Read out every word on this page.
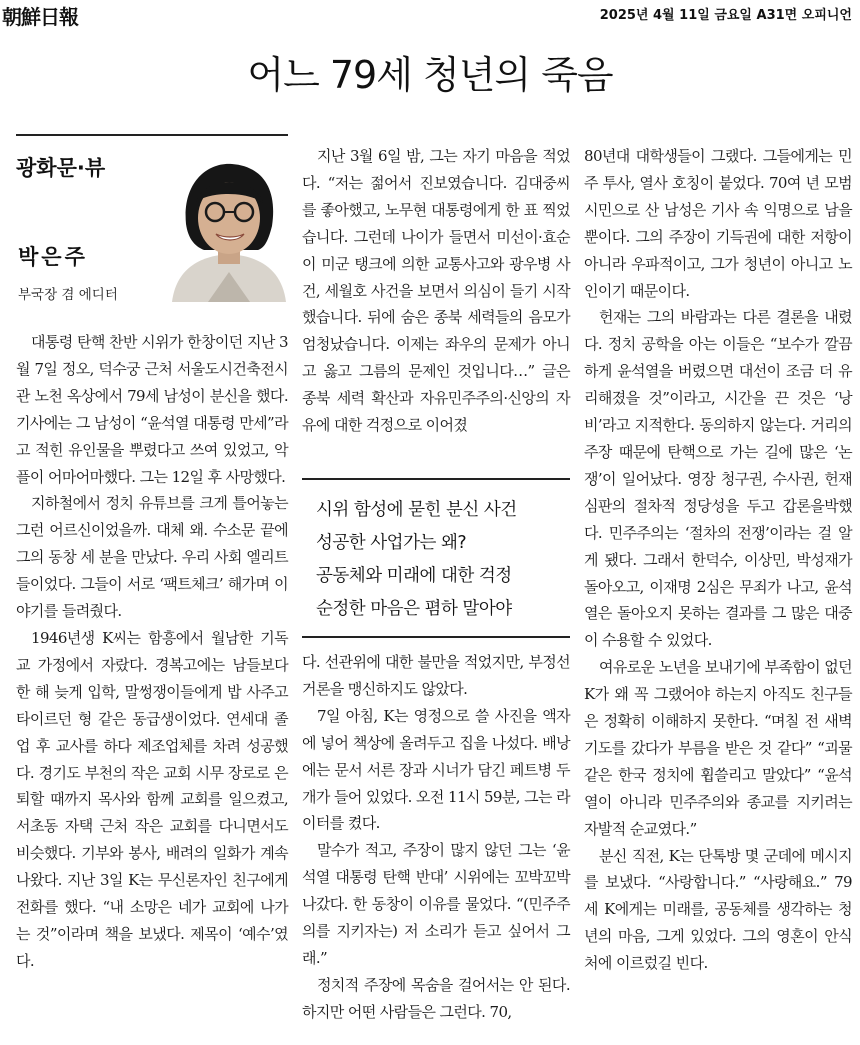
朝鮮日報	2025년 4월 11일 금요일 A31면 오피니언
어느 79세 청년의 죽음
광화문·뷰
박은주
부국장 겸 에디터

대통령 탄핵 찬반 시위가 한창이던 지난 3월 7일 정오, 덕수궁 근처 서울도시건축전시관 노천 옥상에서 79세 남성이 분신을 했다. 기사에는 그 남성이 “윤석열 대통령 만세”라고 적힌 유인물을 뿌렸다고 쓰여 있었고, 악플이 어마어마했다. 그는 12일 후 사망했다.

지하철에서 정치 유튜브를 크게 틀어놓는 그런 어르신이었을까. 대체 왜. 수소문 끝에 그의 동창 세 분을 만났다. 우리 사회 엘리트들이었다. 그들이 서로 ‘팩트체크’ 해가며 이야기를 들려줬다.

1946년생 K씨는 함흥에서 월남한 기독교 가정에서 자랐다. 경복고에는 남들보다 한 해 늦게 입학, 말썽쟁이들에게 밥 사주고 타이르던 형 같은 동급생이었다. 연세대 졸업 후 교사를 하다 제조업체를 차려 성공했다. 경기도 부천의 작은 교회 시무 장로로 은퇴할 때까지 목사와 함께 교회를 일으켰고, 서초동 자택 근처 작은 교회를 다니면서도 비슷했다. 기부와 봉사, 배려의 일화가 계속 나왔다. 지난 3일 K는 무신론자인 친구에게 전화를 했다. “내 소망은 네가 교회에 나가는 것”이라며 책을 보냈다. 제목이 ‘예수’였다.

지난 3월 6일 밤, 그는 자기 마음을 적었다. “저는 젊어서 진보였습니다. 김대중씨를 좋아했고, 노무현 대통령에게 한 표 찍었습니다. 그런데 나이가 들면서 미선이·효순이 미군 탱크에 의한 교통사고와 광우병 사건, 세월호 사건을 보면서 의심이 들기 시작했습니다. 뒤에 숨은 종북 세력들의 음모가 엄청났습니다. 이제는 좌우의 문제가 아니고 옳고 그름의 문제인 것입니다…” 글은 종북 세력 확산과 자유민주주의·신앙의 자유에 대한 걱정으로 이어졌

시위 함성에 묻힌 분신 사건
성공한 사업가는 왜?
공동체와 미래에 대한 걱정
순정한 마음은 폄하 말아야

다. 선관위에 대한 불만을 적었지만, 부정선거론을 맹신하지도 않았다.

7일 아침, K는 영정으로 쓸 사진을 액자에 넣어 책상에 올려두고 집을 나섰다. 배낭에는 문서 서른 장과 시너가 담긴 페트병 두 개가 들어 있었다. 오전 11시 59분, 그는 라이터를 켰다.

말수가 적고, 주장이 많지 않던 그는 ‘윤석열 대통령 탄핵 반대’ 시위에는 꼬박꼬박 나갔다. 한 동창이 이유를 물었다. “(민주주의를 지키자는) 저 소리가 듣고 싶어서 그래.”

정치적 주장에 목숨을 걸어서는 안 된다. 하지만 어떤 사람들은 그런다. 70,

80년대 대학생들이 그랬다. 그들에게는 민주 투사, 열사 호칭이 붙었다. 70여 년 모범 시민으로 산 남성은 기사 속 익명으로 남을 뿐이다. 그의 주장이 기득권에 대한 저항이 아니라 우파적이고, 그가 청년이 아니고 노인이기 때문이다.

헌재는 그의 바람과는 다른 결론을 내렸다. 정치 공학을 아는 이들은 “보수가 깔끔하게 윤석열을 버렸으면 대선이 조금 더 유리해졌을 것”이라고, 시간을 끈 것은 ‘낭비’라고 지적한다. 동의하지 않는다. 거리의 주장 때문에 탄핵으로 가는 길에 많은 ‘논쟁’이 일어났다. 영장 청구권, 수사권, 헌재 심판의 절차적 정당성을 두고 갑론을박했다. 민주주의는 ‘절차의 전쟁’이라는 걸 알게 됐다. 그래서 한덕수, 이상민, 박성재가 돌아오고, 이재명 2심은 무죄가 나고, 윤석열은 돌아오지 못하는 결과를 그 많은 대중이 수용할 수 있었다.

여유로운 노년을 보내기에 부족함이 없던 K가 왜 꼭 그랬어야 하는지 아직도 친구들은 정확히 이해하지 못한다. “며칠 전 새벽 기도를 갔다가 부름을 받은 것 같다” “괴물 같은 한국 정치에 휩쓸리고 말았다” “윤석열이 아니라 민주주의와 종교를 지키려는 자발적 순교였다.”

분신 직전, K는 단톡방 몇 군데에 메시지를 보냈다. “사랑합니다.” “사랑해요.” 79세 K에게는 미래를, 공동체를 생각하는 청년의 마음, 그게 있었다. 그의 영혼이 안식처에 이르렀길 빈다.
